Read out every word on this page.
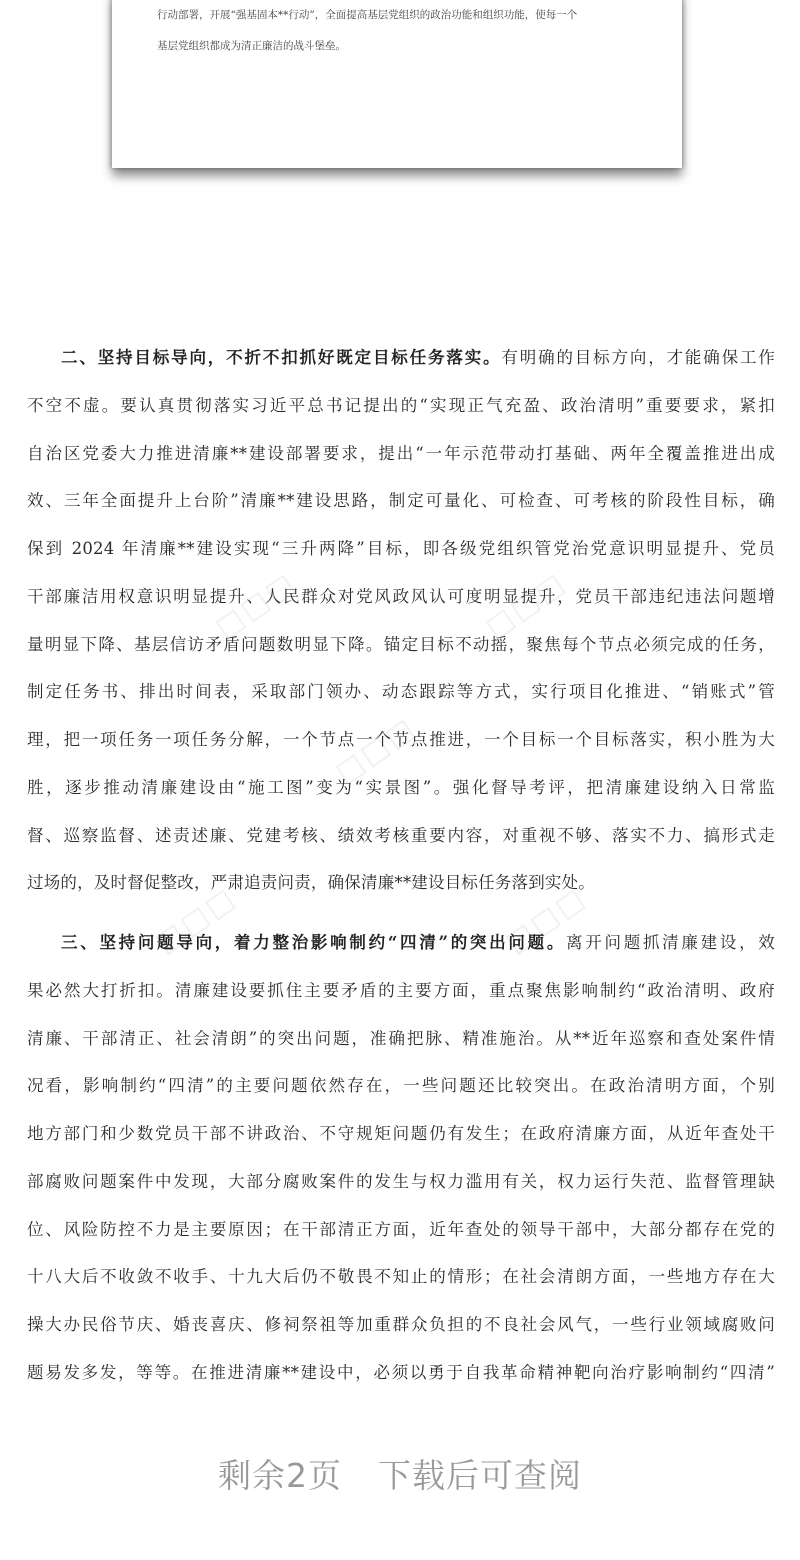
行动部署，开展“强基固本**行动”，全面提高基层党组织的政治功能和组织功能，使每一个
基层党组织都成为清正廉洁的战斗堡垒。
◻◻◻	◻◻◻
◻◻◻
◻◻◻	◻◻◻
二、坚持目标导向，不折不扣抓好既定目标任务落实。有明确的目标方向，才能确保工作
不空不虚。要认真贯彻落实习近平总书记提出的“实现正气充盈、政治清明”重要要求，紧扣
自治区党委大力推进清廉**建设部署要求，提出“一年示范带动打基础、两年全覆盖推进出成
效、三年全面提升上台阶”清廉**建设思路，制定可量化、可检查、可考核的阶段性目标，确
保到 2024 年清廉**建设实现“三升两降”目标，即各级党组织管党治党意识明显提升、党员
干部廉洁用权意识明显提升、人民群众对党风政风认可度明显提升，党员干部违纪违法问题增
量明显下降、基层信访矛盾问题数明显下降。锚定目标不动摇，聚焦每个节点必须完成的任务，
制定任务书、排出时间表，采取部门领办、动态跟踪等方式，实行项目化推进、“销账式”管
理，把一项任务一项任务分解，一个节点一个节点推进，一个目标一个目标落实，积小胜为大
胜，逐步推动清廉建设由“施工图”变为“实景图”。强化督导考评，把清廉建设纳入日常监
督、巡察监督、述责述廉、党建考核、绩效考核重要内容，对重视不够、落实不力、搞形式走
过场的，及时督促整改，严肃追责问责，确保清廉**建设目标任务落到实处。
三、坚持问题导向，着力整治影响制约“四清”的突出问题。离开问题抓清廉建设，效
果必然大打折扣。清廉建设要抓住主要矛盾的主要方面，重点聚焦影响制约“政治清明、政府
清廉、干部清正、社会清朗”的突出问题，准确把脉、精准施治。从**近年巡察和查处案件情
况看，影响制约“四清”的主要问题依然存在，一些问题还比较突出。在政治清明方面，个别
地方部门和少数党员干部不讲政治、不守规矩问题仍有发生；在政府清廉方面，从近年查处干
部腐败问题案件中发现，大部分腐败案件的发生与权力滥用有关，权力运行失范、监督管理缺
位、风险防控不力是主要原因；在干部清正方面，近年查处的领导干部中，大部分都存在党的
十八大后不收敛不收手、十九大后仍不敬畏不知止的情形；在社会清朗方面，一些地方存在大
操大办民俗节庆、婚丧喜庆、修祠祭祖等加重群众负担的不良社会风气，一些行业领域腐败问
题易发多发，等等。在推进清廉**建设中，必须以勇于自我革命精神靶向治疗影响制约“四清”
剩余2页 下载后可查阅
